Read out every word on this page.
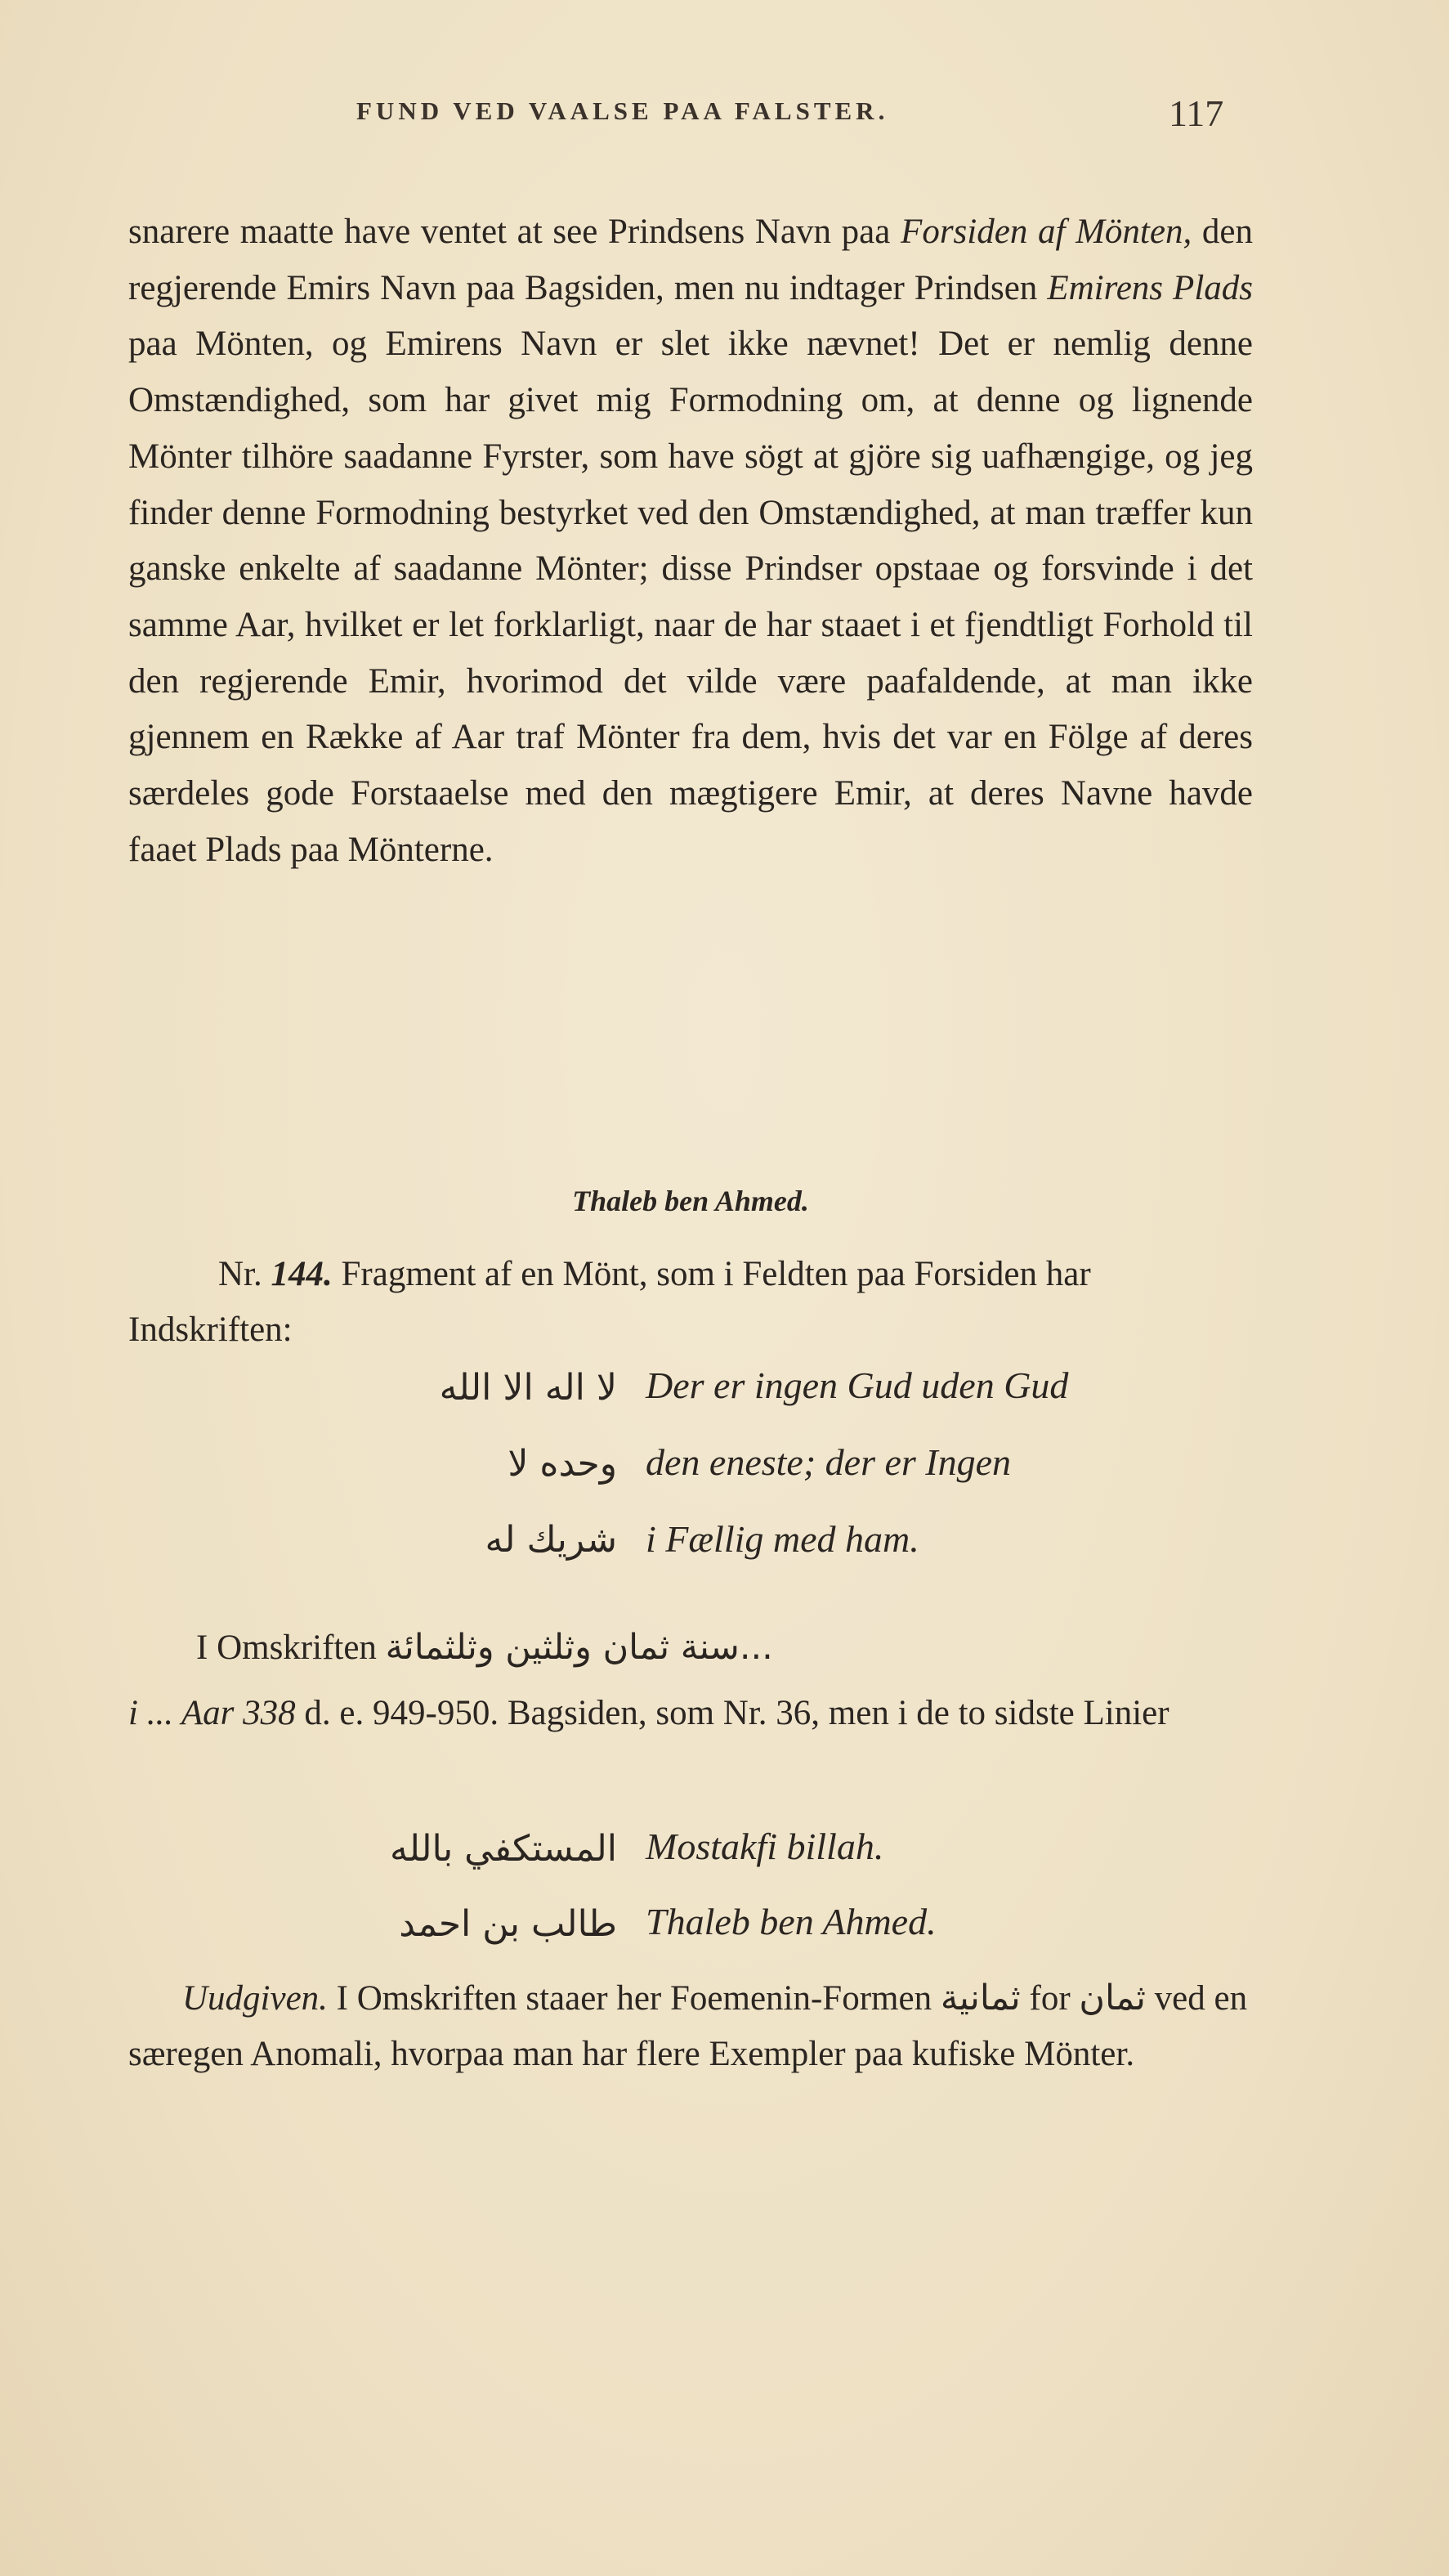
FUND VED VAALSE PAA FALSTER.	117

snarere maatte have ventet at see Prindsens Navn paa Forsiden af Mönten, den regjerende Emirs Navn paa Bagsiden, men nu indtager Prindsen Emirens Plads paa Mönten, og Emirens Navn er slet ikke nævnet! Det er nemlig denne Omstændighed, som har givet mig Formodning om, at denne og lignende Mönter tilhöre saadanne Fyrster, som have sögt at gjöre sig uafhængige, og jeg finder denne Formodning bestyrket ved den Omstændighed, at man træffer kun ganske enkelte af saadanne Mönter; disse Prindser opstaae og forsvinde i det samme Aar, hvilket er let forklarligt, naar de har staaet i et fjendtligt Forhold til den regjerende Emir, hvorimod det vilde være paafaldende, at man ikke gjennem en Række af Aar traf Mönter fra dem, hvis det var en Fölge af deres særdeles gode Forstaaelse med den mægtigere Emir, at deres Navne havde faaet Plads paa Mönterne.

Thaleb ben Ahmed.

Nr. 144. Fragment af en Mönt, som i Feldten paa Forsiden har Indskriften:

لا اله الا الله Der er ingen Gud uden Gud
وحده لا den eneste; der er Ingen
شريك له i Fællig med ham.
I Omskriften ...سنة ثمان وثلثين وثلثمائة

i ... Aar 338 d. e. 949-950. Bagsiden, som Nr. 36, men i de to sidste Linier

المستكفي بالله Mostakfi billah.
طالب بن احمد Thaleb ben Ahmed.

Uudgiven. I Omskriften staaer her Foemenin-Formen ثمانية for ثمان ved en særegen Anomali, hvorpaa man har flere Exempler paa kufiske Mönter.
